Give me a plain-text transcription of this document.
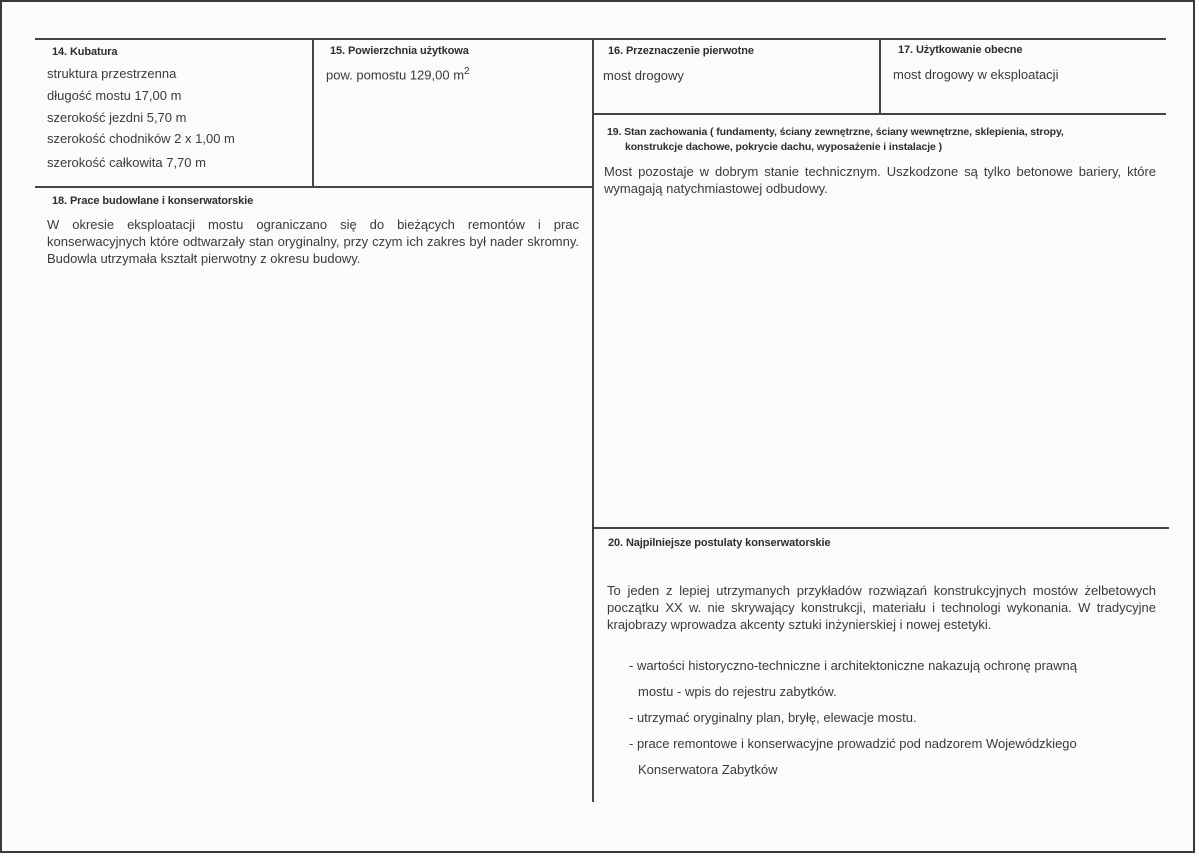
14. Kubatura
struktura przestrzenna
długość mostu 17,00 m
szerokość jezdni 5,70 m
szerokość chodników 2 x 1,00 m
szerokość całkowita 7,70 m
15. Powierzchnia użytkowa
pow. pomostu 129,00 $m^2$
16. Przeznaczenie pierwotne
most drogowy
17. Użytkowanie obecne
most drogowy w eksploatacji
18. Prace budowlane i konserwatorskie
W okresie eksploatacji mostu ograniczano się do bieżących remontów i prac konserwacyjnych które odtwarzały stan oryginalny, przy czym ich zakres był nader skromny. Budowla utrzymała kształt pierwotny z okresu budowy.
19. Stan zachowania ( fundamenty, ściany zewnętrzne, ściany wewnętrzne, sklepienia, stropy,
konstrukcje dachowe, pokrycie dachu, wyposażenie i instalacje )
Most pozostaje w dobrym stanie technicznym. Uszkodzone są tylko betonowe bariery, które wymagają natychmiastowej odbudowy.
20. Najpilniejsze postulaty konserwatorskie
To jeden z lepiej utrzymanych przykładów rozwiązań konstrukcyjnych mostów żelbetowych początku XX w. nie skrywający konstrukcji, materiału i technologi wykonania. W tradycyjne krajobrazy wprowadza akcenty sztuki inżynierskiej i nowej estetyki.
- wartości historyczno-techniczne i architektoniczne nakazują ochronę prawną
mostu - wpis do rejestru zabytków.
- utrzymać oryginalny plan, bryłę, elewacje mostu.
- prace remontowe i konserwacyjne prowadzić pod nadzorem Wojewódzkiego
Konserwatora Zabytków
